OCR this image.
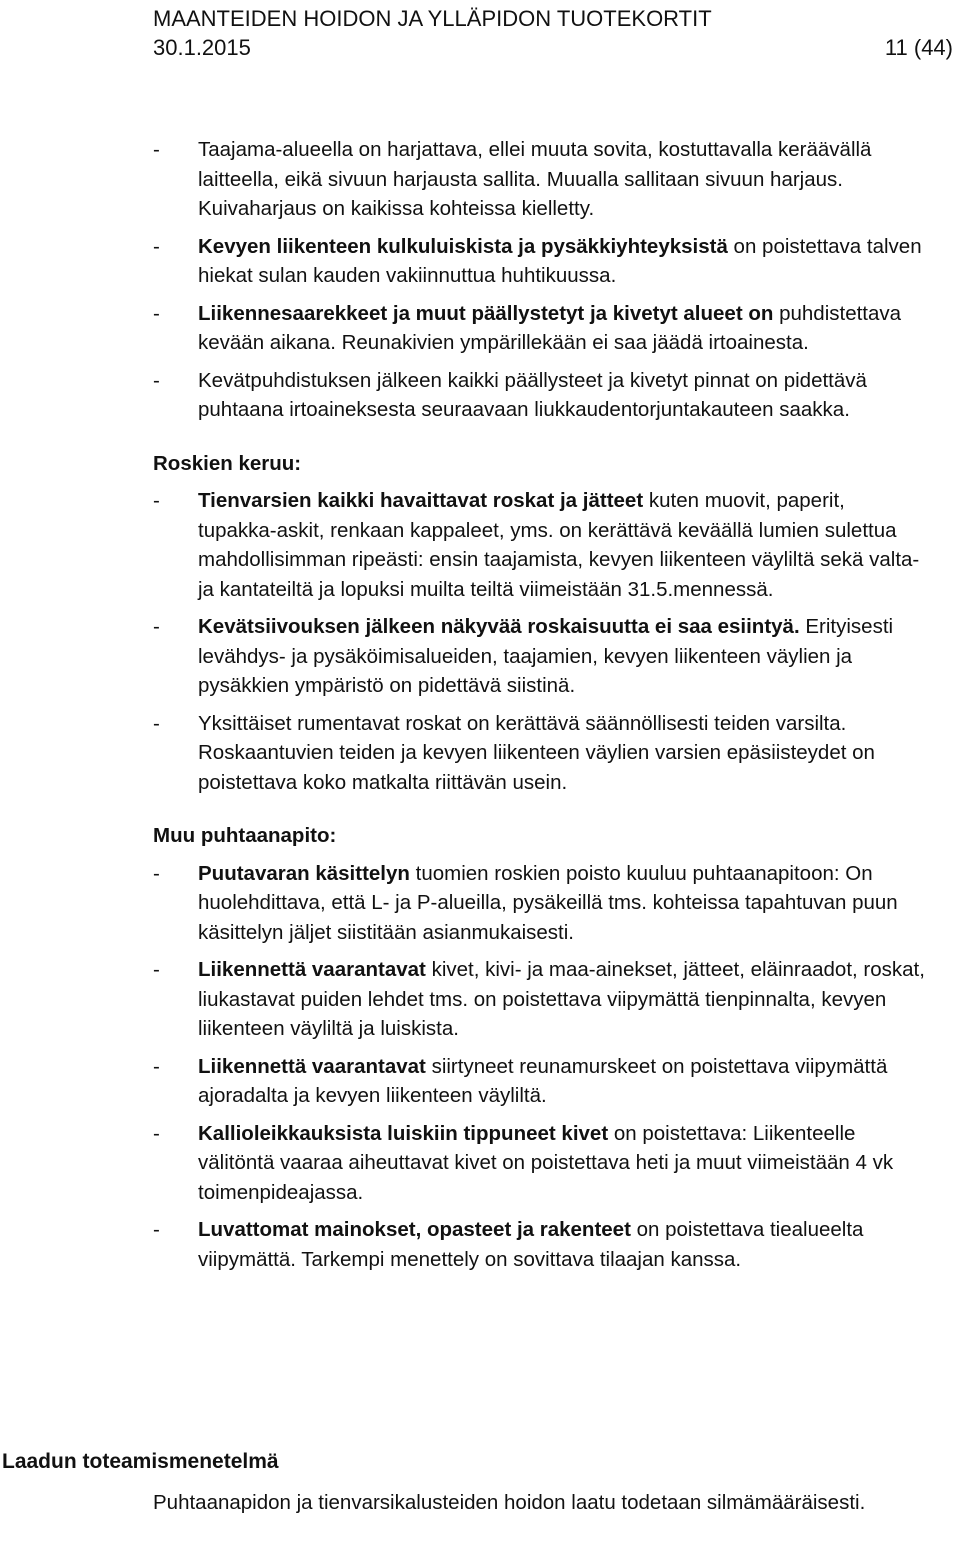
MAANTEIDEN HOIDON JA YLLÄPIDON TUOTEKORTIT
30.1.2015	11 (44)
- Taajama-alueella on harjattava, ellei muuta sovita, kostuttavalla keräävällä laitteella, eikä sivuun harjausta sallita. Muualla sallitaan sivuun harjaus. Kuivaharjaus on kaikissa kohteissa kielletty.
- Kevyen liikenteen kulkuluiskista ja pysäkkiyhteyksistä on poistettava talven hiekat sulan kauden vakiinnuttua huhtikuussa.
- Liikennesaarekkeet ja muut päällystetyt ja kivetyt alueet on puhdistettava kevään aikana. Reunakivien ympärillekään ei saa jäädä irtoainesta.
- Kevätpuhdistuksen jälkeen kaikki päällysteet ja kivetyt pinnat on pidettävä puhtaana irtoaineksesta seuraavaan liukkaudentorjuntakauteen saakka.
Roskien keruu:
- Tienvarsien kaikki havaittavat roskat ja jätteet kuten muovit, paperit, tupakka-askit, renkaan kappaleet, yms. on kerättävä keväällä lumien sulettua mahdollisimman ripeästi: ensin taajamista, kevyen liikenteen väyliltä sekä valta- ja kantateiltä ja lopuksi muilta teiltä viimeistään 31.5.mennessä.
- Kevätsiivouksen jälkeen näkyvää roskaisuutta ei saa esiintyä. Erityisesti levähdys- ja pysäköimisalueiden, taajamien, kevyen liikenteen väylien ja pysäkkien ympäristö on pidettävä siistinä.
- Yksittäiset rumentavat roskat on kerättävä säännöllisesti teiden varsilta. Roskaantuvien teiden ja kevyen liikenteen väylien varsien epäsiisteydet on poistettava koko matkalta riittävän usein.
Muu puhtaanapito:
- Puutavaran käsittelyn tuomien roskien poisto kuuluu puhtaanapitoon: On huolehdittava, että L- ja P-alueilla, pysäkeillä tms. kohteissa tapahtuvan puun käsittelyn jäljet siistitään asianmukaisesti.
- Liikennettä vaarantavat kivet, kivi- ja maa-ainekset, jätteet, eläinraadot, roskat, liukastavat puiden lehdet tms. on poistettava viipymättä tienpinnalta, kevyen liikenteen väyliltä ja luiskista.
- Liikennettä vaarantavat siirtyneet reunamurskeet on poistettava viipymättä ajoradalta ja kevyen liikenteen väyliltä.
- Kallioleikkauksista luiskiin tippuneet kivet on poistettava: Liikenteelle välitöntä vaaraa aiheuttavat kivet on poistettava heti ja muut viimeistään 4 vk toimenpideajassa.
- Luvattomat mainokset, opasteet ja rakenteet on poistettava tiealueelta viipymättä. Tarkempi menettely on sovittava tilaajan kanssa.
Laadun toteamismenetelmä
Puhtaanapidon ja tienvarsikalusteiden hoidon laatu todetaan silmämääräisesti.
